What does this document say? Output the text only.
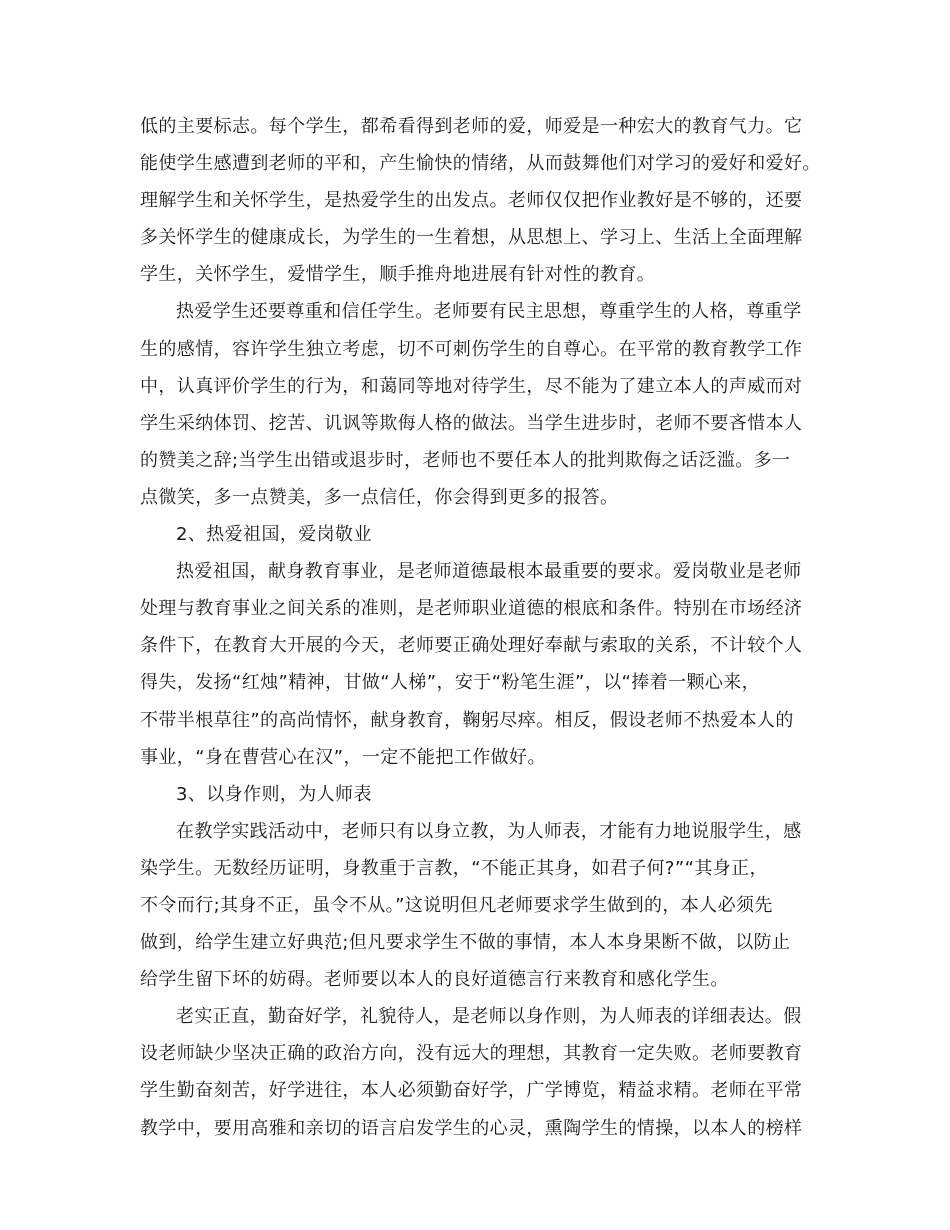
低的主要标志。每个学生，都希看得到老师的爱，师爱是一种宏大的教育气力。它
能使学生感遭到老师的平和，产生愉快的情绪，从而鼓舞他们对学习的爱好和爱好。
理解学生和关怀学生，是热爱学生的出发点。老师仅仅把作业教好是不够的，还要
多关怀学生的健康成长，为学生的一生着想，从思想上、学习上、生活上全面理解
学生，关怀学生，爱惜学生，顺手推舟地进展有针对性的教育。
热爱学生还要尊重和信任学生。老师要有民主思想，尊重学生的人格，尊重学
生的感情，容许学生独立考虑，切不可刺伤学生的自尊心。在平常的教育教学工作
中，认真评价学生的行为，和蔼同等地对待学生，尽不能为了建立本人的声威而对
学生采纳体罚、挖苦、讥讽等欺侮人格的做法。当学生进步时，老师不要吝惜本人
的赞美之辞;当学生出错或退步时，老师也不要任本人的批判欺侮之话泛滥。多一
点微笑，多一点赞美，多一点信任，你会得到更多的报答。
2、热爱祖国，爱岗敬业
热爱祖国，献身教育事业，是老师道德最根本最重要的要求。爱岗敬业是老师
处理与教育事业之间关系的准则，是老师职业道德的根底和条件。特别在市场经济
条件下，在教育大开展的今天，老师要正确处理好奉献与索取的关系，不计较个人
得失，发扬“红烛”精神，甘做“人梯”，安于“粉笔生涯”，以“捧着一颗心来，
不带半根草往”的高尚情怀，献身教育，鞠躬尽瘁。相反，假设老师不热爱本人的
事业，“身在曹营心在汉”，一定不能把工作做好。
3、以身作则，为人师表
在教学实践活动中，老师只有以身立教，为人师表，才能有力地说服学生，感
染学生。无数经历证明，身教重于言教，“不能正其身，如君子何?”“其身正，
不令而行;其身不正，虽令不从。”这说明但凡老师要求学生做到的，本人必须先
做到，给学生建立好典范;但凡要求学生不做的事情，本人本身果断不做，以防止
给学生留下坏的妨碍。老师要以本人的良好道德言行来教育和感化学生。
老实正直，勤奋好学，礼貌待人，是老师以身作则，为人师表的详细表达。假
设老师缺少坚决正确的政治方向，没有远大的理想，其教育一定失败。老师要教育
学生勤奋刻苦，好学进往，本人必须勤奋好学，广学博览，精益求精。老师在平常
教学中，要用高雅和亲切的语言启发学生的心灵，熏陶学生的情操，以本人的榜样
